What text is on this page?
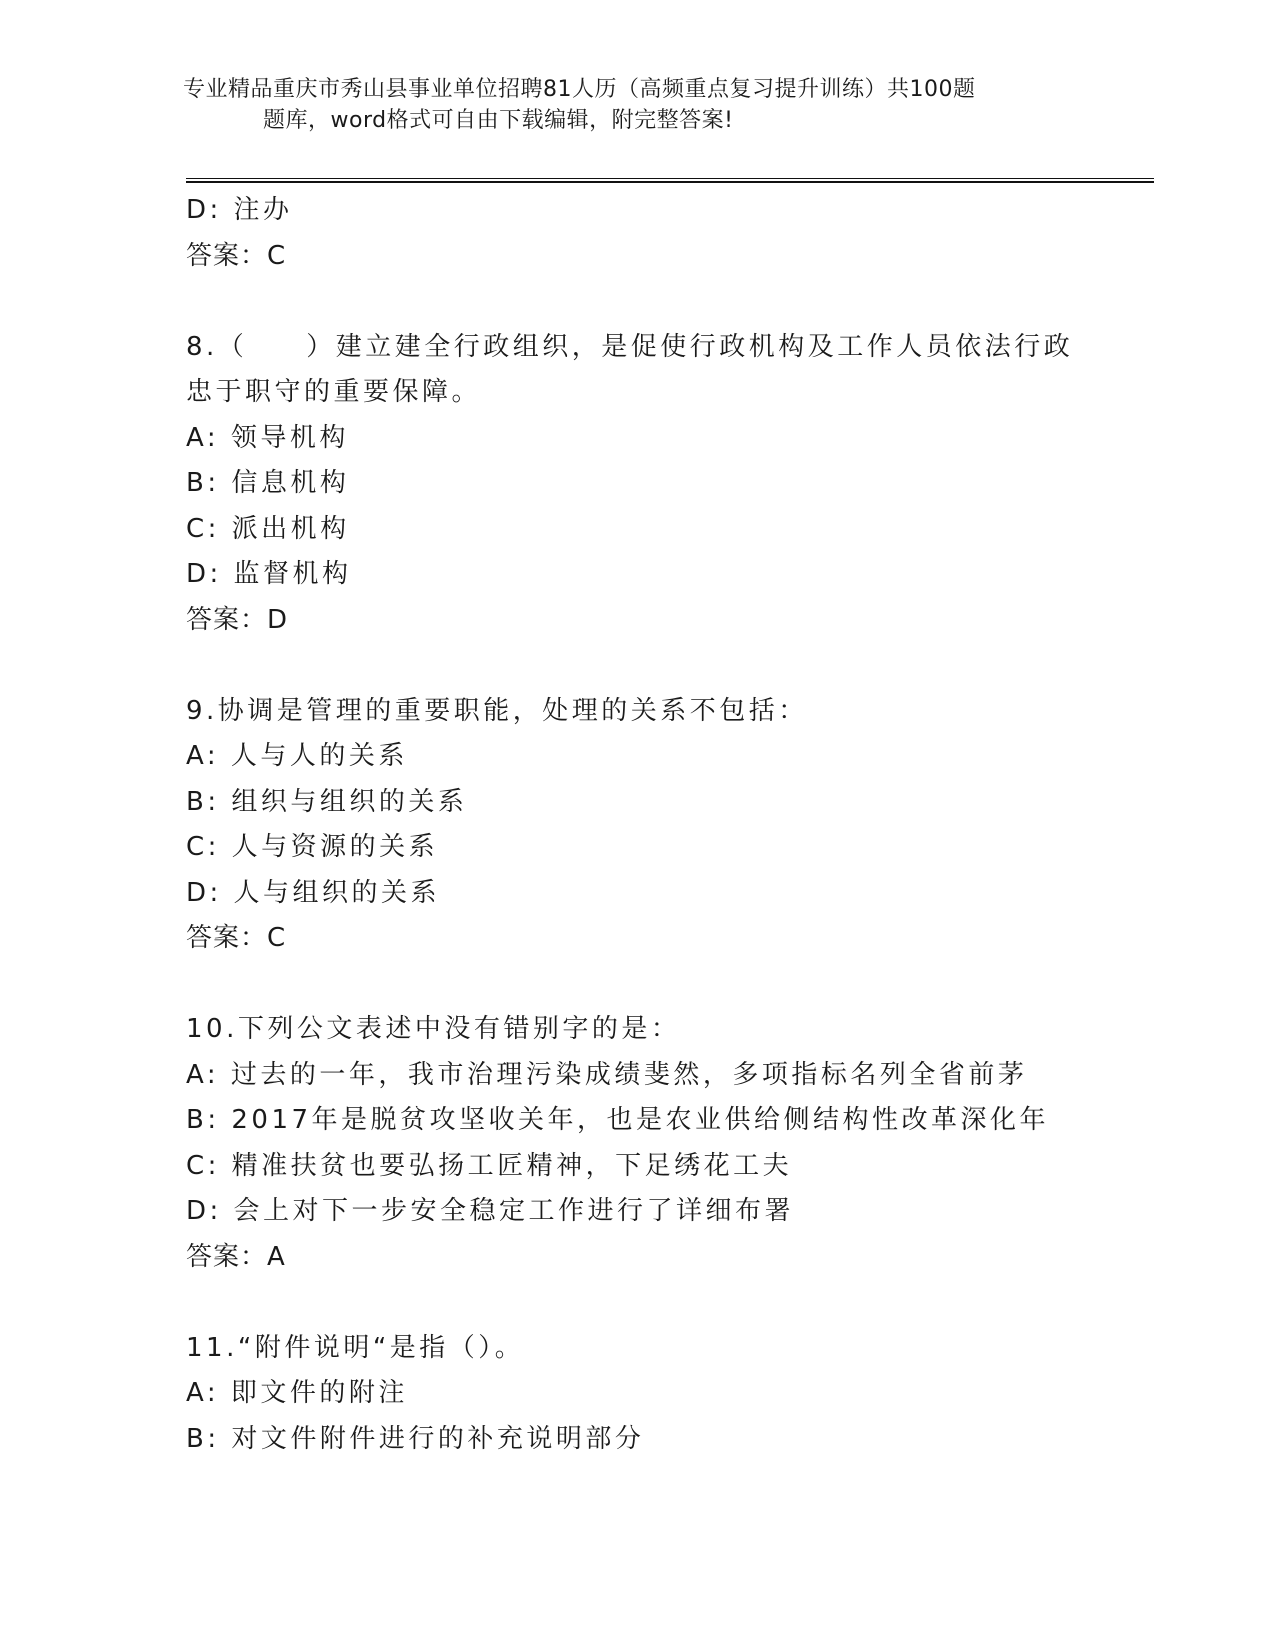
专业精品重庆市秀山县事业单位招聘81人历（高频重点复习提升训练）共100题
题库，word格式可自由下载编辑，附完整答案!
D: 注办
答案：C
8.（　　）建立建全行政组织，是促使行政机构及工作人员依法行政
忠于职守的重要保障。
A: 领导机构
B: 信息机构
C: 派出机构
D: 监督机构
答案：D
9.协调是管理的重要职能，处理的关系不包括：
A: 人与人的关系
B: 组织与组织的关系
C: 人与资源的关系
D: 人与组织的关系
答案：C
10.下列公文表述中没有错别字的是：
A: 过去的一年，我市治理污染成绩斐然，多项指标名列全省前茅
B: 2017年是脱贫攻坚收关年，也是农业供给侧结构性改革深化年
C: 精准扶贫也要弘扬工匠精神，下足绣花工夫
D: 会上对下一步安全稳定工作进行了详细布署
答案：A
11.“附件说明“是指（）。
A: 即文件的附注
B: 对文件附件进行的补充说明部分
